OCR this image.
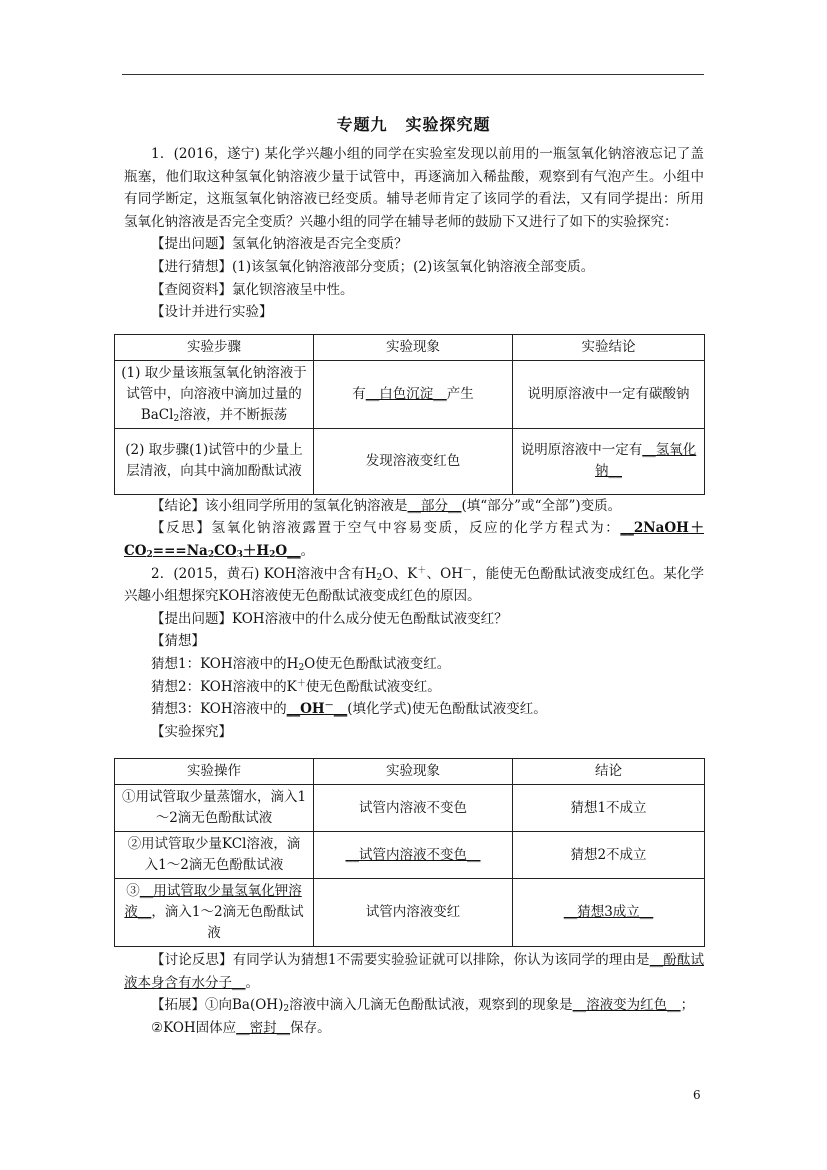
专题九 实验探究题

1．(2016，遂宁) 某化学兴趣小组的同学在实验室发现以前用的一瓶氢氧化钠溶液忘记了盖瓶塞，他们取这种氢氧化钠溶液少量于试管中，再逐滴加入稀盐酸，观察到有气泡产生。小组中有同学断定，这瓶氢氧化钠溶液已经变质。辅导老师肯定了该同学的看法，又有同学提出：所用氢氧化钠溶液是否完全变质？兴趣小组的同学在辅导老师的鼓励下又进行了如下的实验探究：

【提出问题】氢氧化钠溶液是否完全变质？

【进行猜想】(1)该氢氧化钠溶液部分变质；(2)该氢氧化钠溶液全部变质。

【查阅资料】氯化钡溶液呈中性。

【设计并进行实验】

实验步骤	实验现象	实验结论
(1) 取少量该瓶氢氧化钠溶液于试管中，向溶液中滴加过量的BaCl$_2$溶液，并不断振荡	有__白色沉淀__产生	说明原溶液中一定有碳酸钠
(2) 取步骤(1)试管中的少量上层清液，向其中滴加酚酞试液	发现溶液变红色	说明原溶液中一定有__氢氧化钠__

【结论】该小组同学所用的氢氧化钠溶液是__部分__(填“部分”或“全部”)变质。

【反思】氢氧化钠溶液露置于空气中容易变质，反应的化学方程式为：$\_\_2NaOH+CO_2===Na_2CO_3+H_2O\_\_$。

2．(2015，黄石) KOH溶液中含有$H_2O$、K＋、OH－，能使无色酚酞试液变成红色。某化学兴趣小组想探究KOH溶液使无色酚酞试液变成红色的原因。

【提出问题】KOH溶液中的什么成分使无色酚酞试液变红？

【猜想】

猜想1：KOH溶液中的$H_2O$使无色酚酞试液变红。

猜想2：KOH溶液中的K＋使无色酚酞试液变红。

猜想3：KOH溶液中的__OH－__(填化学式)使无色酚酞试液变红。

【实验探究】

实验操作	实验现象	结论
①用试管取少量蒸馏水，滴入1～2滴无色酚酞试液	试管内溶液不变色	猜想1不成立
②用试管取少量KCl溶液，滴入1～2滴无色酚酞试液	__试管内溶液不变色__	猜想2不成立
③__用试管取少量氢氧化钾溶液__，滴入1～2滴无色酚酞试液	试管内溶液变红	__猜想3成立__

【讨论反思】有同学认为猜想1不需要实验验证就可以排除，你认为该同学的理由是__酚酞试液本身含有水分子__。

【拓展】①向$Ba(OH)_2$溶液中滴入几滴无色酚酞试液，观察到的现象是__溶液变为红色__；

②KOH固体应__密封__保存。

6
